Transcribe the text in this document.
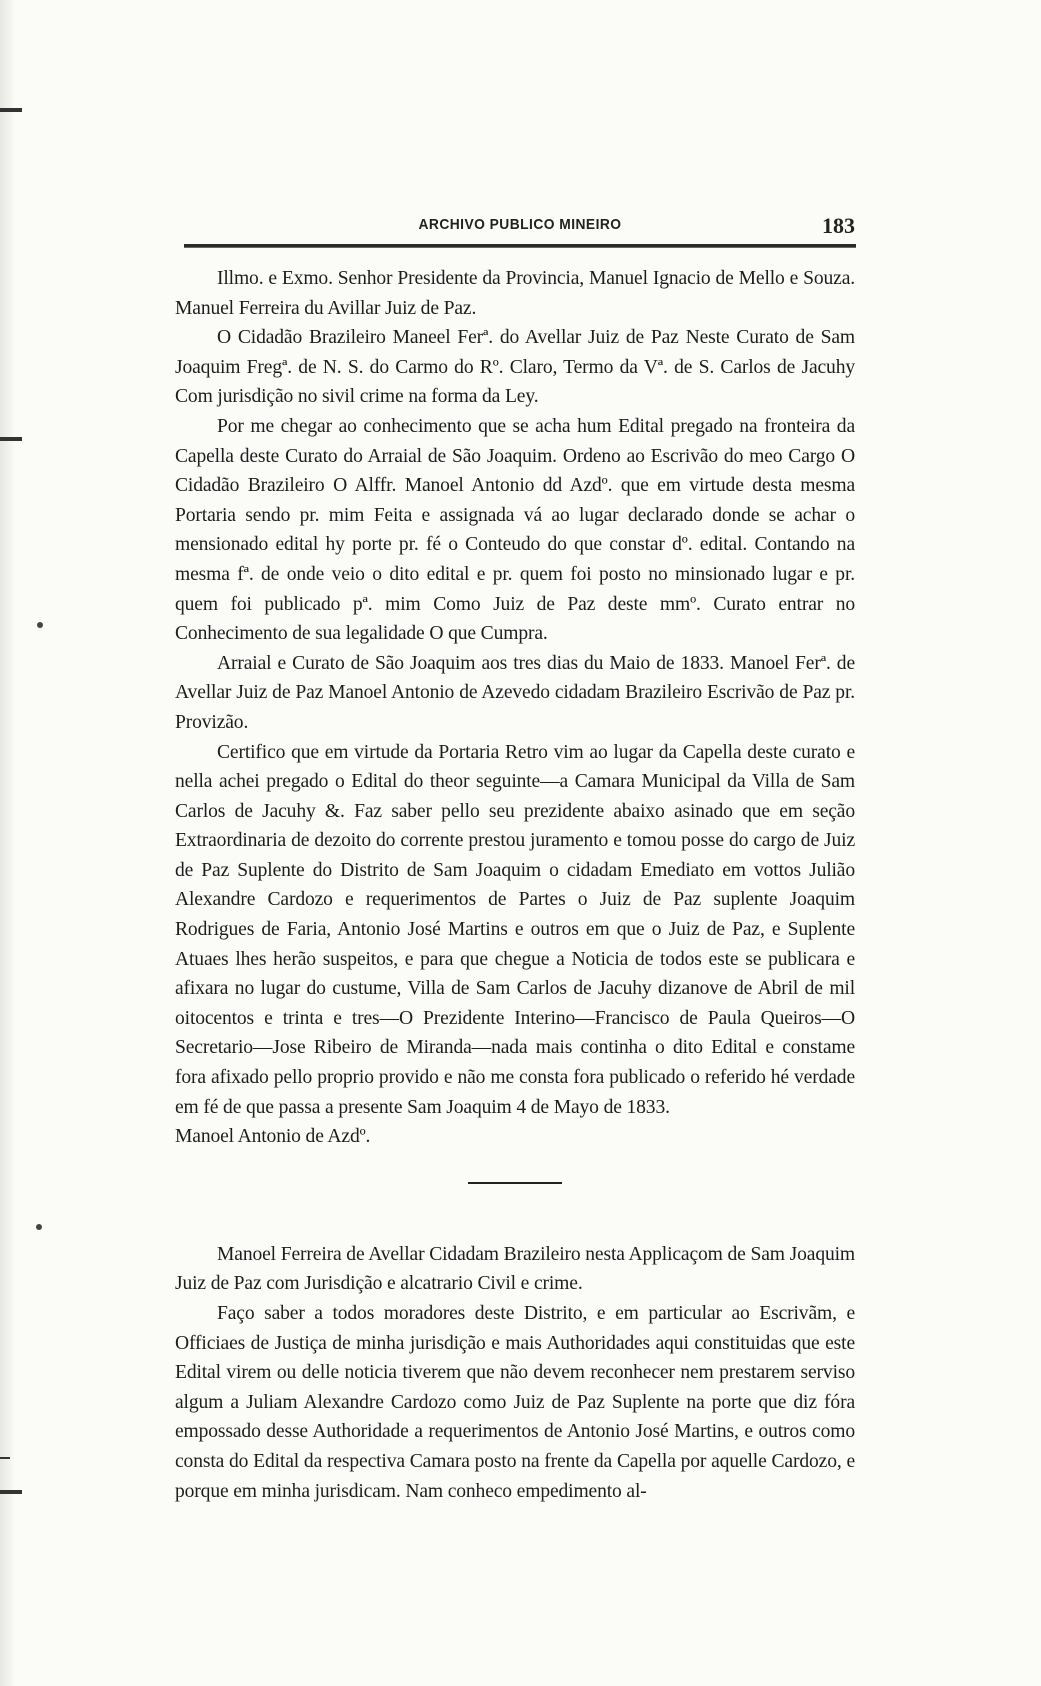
ARCHIVO PUBLICO MINEIRO	183

Illmo. e Exmo. Senhor Presidente da Provincia, Manuel Ignacio de Mello e Souza. Manuel Ferreira du Avillar Juiz de Paz.

O Cidadão Brazileiro Maneel Ferª. do Avellar Juiz de Paz Neste Curato de Sam Joaquim Fregª. de N. S. do Carmo do Rº. Claro, Termo da Vª. de S. Carlos de Jacuhy Com jurisdição no sivil crime na forma da Ley.

Por me chegar ao conhecimento que se acha hum Edital pregado na fronteira da Capella deste Curato do Arraial de São Joaquim. Ordeno ao Escrivão do meo Cargo O Cidadão Brazileiro O Alffr. Manoel Antonio dd Azdº. que em virtude desta mesma Portaria sendo pr. mim Feita e assignada vá ao lugar declarado donde se achar o mensionado edital hy porte pr. fé o Conteudo do que constar dº. edital. Contando na mesma fª. de onde veio o dito edital e pr. quem foi posto no minsionado lugar e pr. quem foi publicado pª. mim Como Juiz de Paz deste mmº. Curato entrar no Conhecimento de sua legalidade O que Cumpra.

Arraial e Curato de São Joaquim aos tres dias du Maio de 1833. Manoel Ferª. de Avellar Juiz de Paz Manoel Antonio de Azevedo cidadam Brazileiro Escrivão de Paz pr. Provizão.

Certifico que em virtude da Portaria Retro vim ao lugar da Capella deste curato e nella achei pregado o Edital do theor seguinte—a Camara Municipal da Villa de Sam Carlos de Jacuhy &. Faz saber pello seu prezidente abaixo asinado que em seção Extraordinaria de dezoito do corrente prestou juramento e tomou posse do cargo de Juiz de Paz Suplente do Distrito de Sam Joaquim o cidadam Emediato em vottos Julião Alexandre Cardozo e requerimentos de Partes o Juiz de Paz suplente Joaquim Rodrigues de Faria, Antonio José Martins e outros em que o Juiz de Paz, e Suplente Atuaes lhes herão suspeitos, e para que chegue a Noticia de todos este se publicara e afixara no lugar do custume, Villa de Sam Carlos de Jacuhy dizanove de Abril de mil oitocentos e trinta e tres—O Prezidente Interino—Francisco de Paula Queiros—O Secretario—Jose Ribeiro de Miranda—nada mais continha o dito Edital e constame fora afixado pello proprio provido e não me consta fora publicado o referido hé verdade em fé de que passa a presente Sam Joaquim 4 de Mayo de 1833.

Manoel Antonio de Azdº.

Manoel Ferreira de Avellar Cidadam Brazileiro nesta Applicaçom de Sam Joaquim Juiz de Paz com Jurisdição e alcatrario Civil e crime.

Faço saber a todos moradores deste Distrito, e em particular ao Escrivãm, e Officiaes de Justiça de minha jurisdição e mais Authoridades aqui constituidas que este Edital virem ou delle noticia tiverem que não devem reconhecer nem prestarem serviso algum a Juliam Alexandre Cardozo como Juiz de Paz Suplente na porte que diz fóra empossado desse Authoridade a requerimentos de Antonio José Martins, e outros como consta do Edital da respectiva Camara posto na frente da Capella por aquelle Cardozo, e porque em minha jurisdicam. Nam conheco empedimento al-
